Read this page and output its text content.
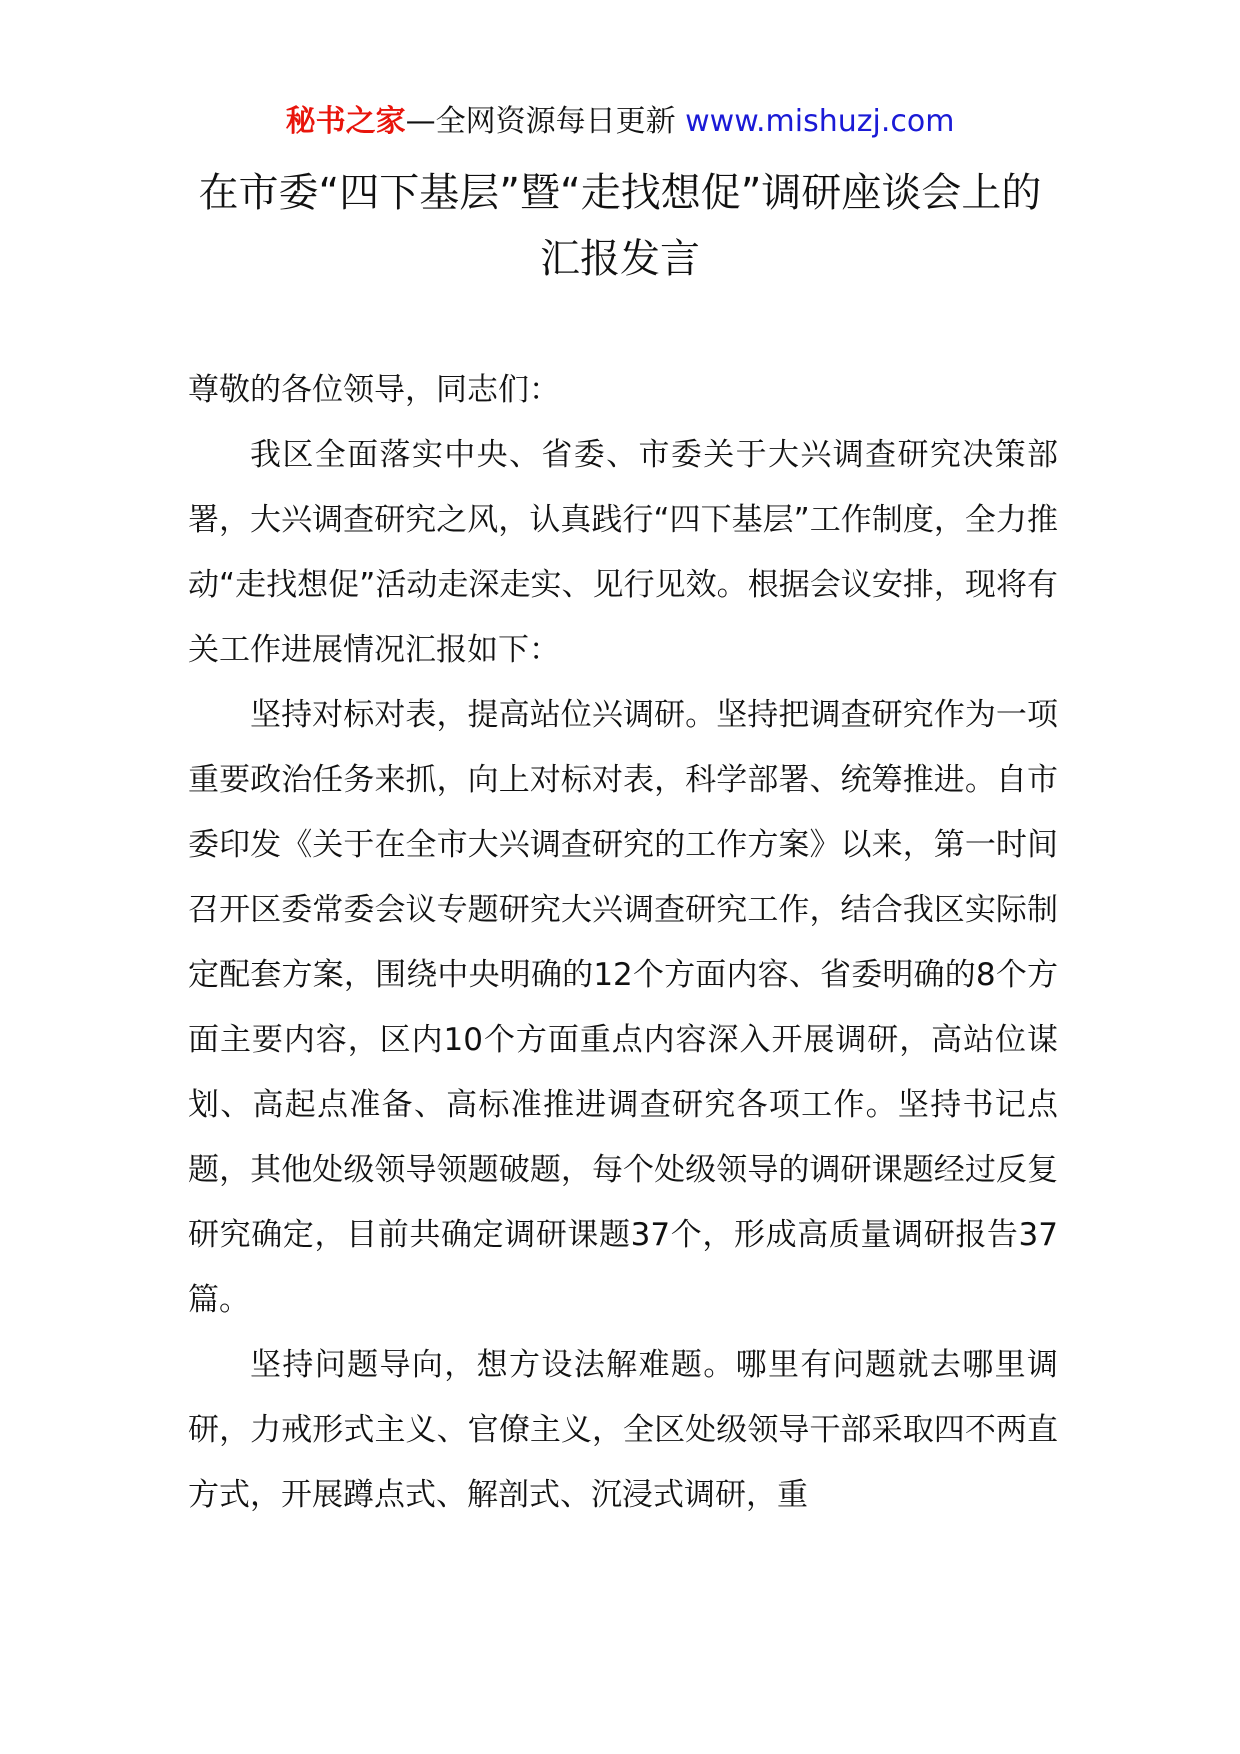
秘书之家—全网资源每日更新 www.mishuzj.com
在市委“四下基层”暨“走找想促”调研座谈会上的汇报发言

尊敬的各位领导，同志们：

我区全面落实中央、省委、市委关于大兴调查研究决策部署，大兴调查研究之风，认真践行“四下基层”工作制度，全力推动“走找想促”活动走深走实、见行见效。根据会议安排，现将有关工作进展情况汇报如下：

坚持对标对表，提高站位兴调研。坚持把调查研究作为一项重要政治任务来抓，向上对标对表，科学部署、统筹推进。自市委印发《关于在全市大兴调查研究的工作方案》以来，第一时间召开区委常委会议专题研究大兴调查研究工作，结合我区实际制定配套方案，围绕中央明确的12个方面内容、省委明确的8个方面主要内容，区内10个方面重点内容深入开展调研，高站位谋划、高起点准备、高标准推进调查研究各项工作。坚持书记点题，其他处级领导领题破题，每个处级领导的调研课题经过反复研究确定，目前共确定调研课题37个，形成高质量调研报告37篇。

坚持问题导向，想方设法解难题。哪里有问题就去哪里调研，力戒形式主义、官僚主义，全区处级领导干部采取四不两直方式，开展蹲点式、解剖式、沉浸式调研，重
